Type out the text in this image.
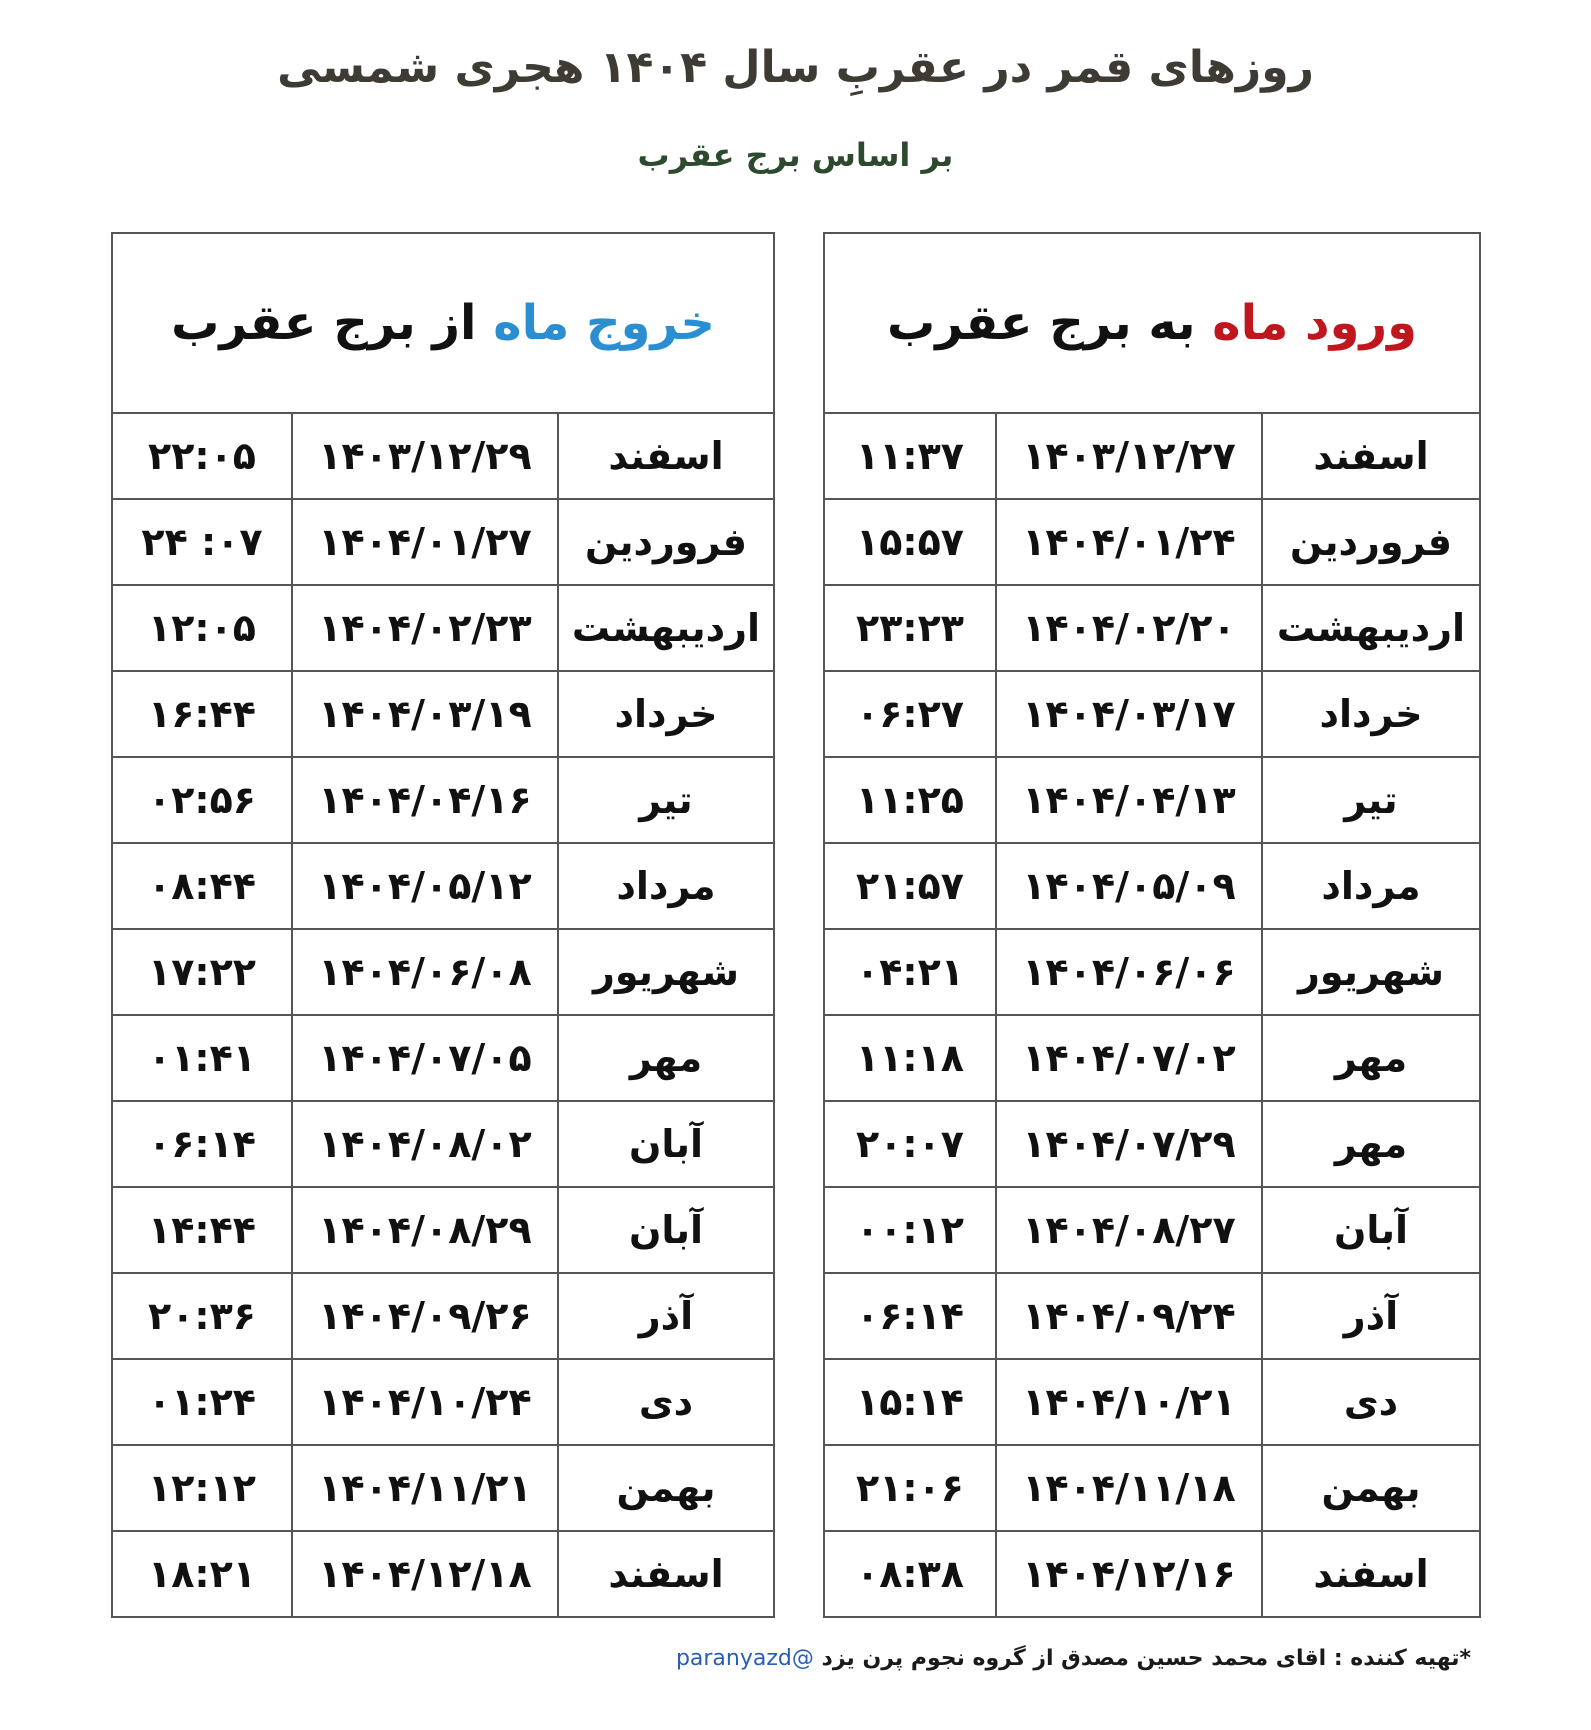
روزهای قمر در عقربِ سال ۱۴۰۴ هجری شمسی
بر اساس برج عقرب
خروج ماه

از برج عقرب
اسفند	۱۴۰۳/۱۲/۲۹	۲۲:۰۵
فروردین	۱۴۰۴/۰۱/۲۷	۰۷: ۲۴
اردیبهشت	۱۴۰۴/۰۲/۲۳	۱۲:۰۵
خرداد	۱۴۰۴/۰۳/۱۹	۱۶:۴۴
تیر	۱۴۰۴/۰۴/۱۶	۰۲:۵۶
مرداد	۱۴۰۴/۰۵/۱۲	۰۸:۴۴
شهریور	۱۴۰۴/۰۶/۰۸	۱۷:۲۲
مهر	۱۴۰۴/۰۷/۰۵	۰۱:۴۱
آبان	۱۴۰۴/۰۸/۰۲	۰۶:۱۴
آبان	۱۴۰۴/۰۸/۲۹	۱۴:۴۴
آذر	۱۴۰۴/۰۹/۲۶	۲۰:۳۶
دی	۱۴۰۴/۱۰/۲۴	۰۱:۲۴
بهمن	۱۴۰۴/۱۱/۲۱	۱۲:۱۲
اسفند	۱۴۰۴/۱۲/۱۸	۱۸:۲۱
ورود ماه

به برج عقرب
اسفند	۱۴۰۳/۱۲/۲۷	۱۱:۳۷
فروردین	۱۴۰۴/۰۱/۲۴	۱۵:۵۷
اردیبهشت	۱۴۰۴/۰۲/۲۰	۲۳:۲۳
خرداد	۱۴۰۴/۰۳/۱۷	۰۶:۲۷
تیر	۱۴۰۴/۰۴/۱۳	۱۱:۲۵
مرداد	۱۴۰۴/۰۵/۰۹	۲۱:۵۷
شهریور	۱۴۰۴/۰۶/۰۶	۰۴:۲۱
مهر	۱۴۰۴/۰۷/۰۲	۱۱:۱۸
مهر	۱۴۰۴/۰۷/۲۹	۲۰:۰۷
آبان	۱۴۰۴/۰۸/۲۷	۰۰:۱۲
آذر	۱۴۰۴/۰۹/۲۴	۰۶:۱۴
دی	۱۴۰۴/۱۰/۲۱	۱۵:۱۴
بهمن	۱۴۰۴/۱۱/۱۸	۲۱:۰۶
اسفند	۱۴۰۴/۱۲/۱۶	۰۸:۳۸
*تهیه کننده : اقای محمد حسین مصدق از گروه نجوم پرن یزد @paranyazd
